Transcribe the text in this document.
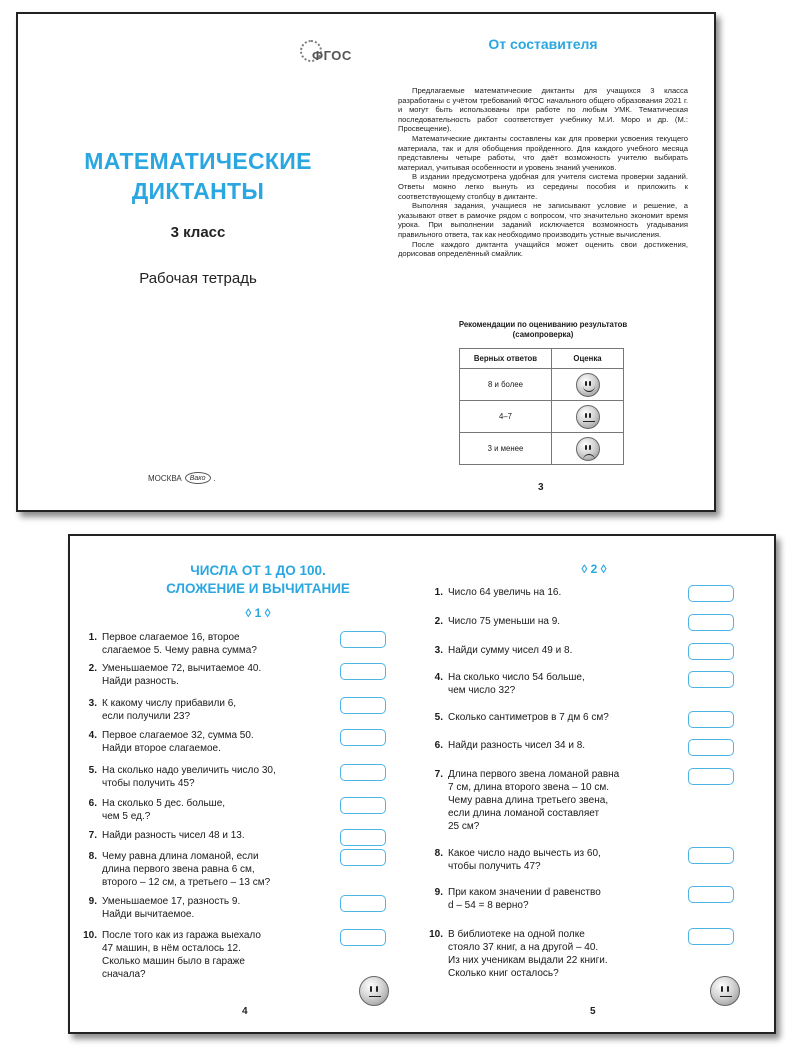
ФГОС
МАТЕМАТИЧЕСКИЕ
ДИКТАНТЫ
3 класс
Рабочая тетрадь
МОСКВА	Вако	.
От составителя

Предлагаемые математические диктанты для учащихся 3 класса разработаны с учётом требований ФГОС начального общего образования 2021 г. и могут быть использованы при работе по любым УМК. Тематическая последовательность работ соответствует учебнику М.И. Моро и др. (М.: Просвещение).

Математические диктанты составлены как для проверки усвоения текущего материала, так и для обобщения пройденного. Для каждого учебного месяца представлены четыре работы, что даёт возможность учителю выбирать материал, учитывая особенности и уровень знаний учеников.

В издании предусмотрена удобная для учителя система проверки заданий. Ответы можно легко вынуть из середины пособия и приложить к соответствующему столбцу в диктанте.

Выполняя задания, учащиеся не записывают условие и решение, а указывают ответ в рамочке рядом с вопросом, что значительно экономит время урока. При выполнении заданий исключается возможность угадывания правильного ответа, так как необходимо производить устные вычисления.

После каждого диктанта учащийся может оценить свои достижения, дорисовав определённый смайлик.

Рекомендации по оцениванию результатов
(самопроверка)
Верных ответов	Оценка
8 и более	

4–7	

3 и менее	
3
ЧИСЛА ОТ 1 ДО 100.
СЛОЖЕНИЕ И ВЫЧИТАНИЕ
◊ 1 ◊
◊ 2 ◊
1. Первое слагаемое 16, второе
слагаемое 5. Чему равна сумма?
2. Уменьшаемое 72, вычитаемое 40.
Найди разность.
3. К какому числу прибавили 6,
если получили 23?
4. Первое слагаемое 32, сумма 50.
Найди второе слагаемое.
5. На сколько надо увеличить число 30,
чтобы получить 45?
6. На сколько 5 дес. больше,
чем 5 ед.?
7. Найди разность чисел 48 и 13.
8. Чему равна длина ломаной, если
длина первого звена равна 6 см,
второго – 12 см, а третьего – 13 см?
9. Уменьшаемое 17, разность 9.
Найди вычитаемое.
10. После того как из гаража выехало
47 машин, в нём осталось 12.
Сколько машин было в гараже
сначала?
1. Число 64 увеличь на 16.
2. Число 75 уменьши на 9.
3. Найди сумму чисел 49 и 8.
4. На сколько число 54 больше,
чем число 32?
5. Сколько сантиметров в 7 дм 6 см?
6. Найди разность чисел 34 и 8.
7. Длина первого звена ломаной равна
7 см, длина второго звена – 10 см.
Чему равна длина третьего звена,
если длина ломаной составляет
25 см?
8. Какое число надо вычесть из 60,
чтобы получить 47?
9. При каком значении d равенство
d – 54 = 8 верно?
10. В библиотеке на одной полке
стояло 37 книг, а на другой – 40.
Из них ученикам выдали 22 книги.
Сколько книг осталось?
4	5
